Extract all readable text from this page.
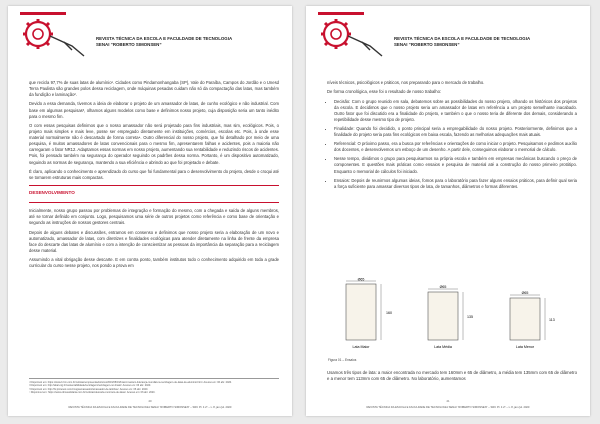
REVISTA TÉCNICA DA ESCOLA E FACULDADE DE TECNOLOGIA
SENAI “ROBERTO SIMONSEN”

que recicla 97,7% de suas latas de alumínio¹. Cidades como Pindamonhangaba (SP), Vale do Paraíba, Campos do Jordão e o Unesd Terra Paulista são grandes polos dessa reciclagem, onde máquinas pesadas cuidam não só da compactação das latas, mas também da fundição e laminação².

Devido a essa demanda, tivemos a ideia de elaborar o projeto de um amassador de latas, de cunho ecológico e não industrial. Com base em algumas pesquisas³, olhamos alguns modelos como base e definimos nosso projeto, cuja disposição seria um tanto inédito para o mesmo fim.

O com essas pesquisas definimos que o nosso amassador não será projetado para fins industriais, mas sim, ecológicos. Pois, o projeto mais simples e mais leve, posse ser empregado diretamente em instituições, comércios, escolas etc. Pois, à onde esse material normalmente não é descartado de forma correta⁴. Outro diferencial do nosso projeto, que foi detalhado por meio de uma pesquisa, é muitos amassadores de latas convencionais para o mesmo fim, apresentarem falhas e acidentes, pois a maioria não carregaram o fator NR12. Adaptamos essas normas em nosso projeto, aumentando sua rentabilidade e reduzindo riscos de acidentes. Pois, foi pensado também na segurança do operador seguindo os padrões dessa norma. Portanto, é um dispositivo automatizado, seguindo as normas de segurança, mantendo a sua eficiência e abrindo ao que foi projetado e debate.

É claro, aplicando o conhecimento e aprendizado do curso que foi fundamental para o desenvolvimento do projeto, desde o croqui até se tornarem estruturas mais compactas.

DESENVOLVIMENTO

Inicialmente, nosso grupo passou por problemas de integração e formação do mesmo, com a chegada e saída de alguns membros, até se tornar definido em conjunto. Logo, pesquisamos uma série de outros projetos como referência e como base de orientação e segundo as instruções de nossos gestores centrais.

Depois de alguns debates e discussões, entramos em consenso e definimos que nosso projeto seria a elaboração de um novo e automatizado, amassador de latas, com diretrizes e finalidades ecológicas para atender diretamente na linha de frente da empresa face do descarte das latas de alumínio e com a intenção de conscientizar as pessoas da importância da separação para a reciclagem desse material.

Assumindo a vital obrigação desse descarte. E em contra ponto, também institutos todo o conhecimento adquirido em toda a grade curricular do curso nesse projeto, nos pondo a prova em

¹ Disponível em: https://www.b.hm.com.br/noticias/empreendedorismo/2019/08/19/brasil-mantem-liderança-mundial-na-reciclagem-de-latas-de-aluminio.html. Acesso em: 06 abr. 2020.
² Disponível em: http://abal.org.br/sustentabilidade/reciclagem/reciclagem-no-brasil/. Acesso em: 06 abr. 2020.
³ Disponível em: http://br.pinterest.com/cnogoamassador/amassador-de-latinhas/. Acesso em: 06 abr. 2020.
⁴ Disponível em: https://www.otimasolidaria.com.br/noticias/descarte-incorreto-de-latas/. Acesso em: 06 abr. 2020.
20
REVISTA TÉCNICA DA ESCOLA E FACULDADE DE TECNOLOGIA SENAI “ROBERTO SIMONSEN” – SRC Pl. 4 2º – v. 8, jan./jul. 2020
REVISTA TÉCNICA DA ESCOLA E FACULDADE DE TECNOLOGIA
SENAI “ROBERTO SIMONSEN”

níveis técnicos, psicológicos e práticos, nos preparando para o mercado de trabalho.

De forma cronológica, esse foi o resultado de nosso trabalho:

• Decisão: Com o grupo reunido em sala, debatemos sobre as possibilidades do nosso projeto, olhando os históricos dos projetos da escola. E decidimos que o nosso projeto seria um amassador de latas em referência a um projeto semelhante inacabado. Outro fator que foi discutido era a finalidade do projeto, e também o que o nosso teria de diferente dos demais, considerando a repetibilidade desse mesmo tipo de projeto.
• Finalidade: Quando foi decidido, o ponto principal seria a empregabilidade do nosso projeto. Posteriormente, definimos que a finalidade do projeto seria para fins ecológicos em baixa escala, fazendo as melhorias adequações mais atuais.
• Referencial: O próximo passo, era a busca por referências e orientações de como iniciar o projeto. Pesquisamos e pedimos auxílio dos docentes, e desenvolvemos um esboço de um desenho. A partir dele, conseguimos elaborar o memorial de cálculo.
• Nesse tempo, dividimos o grupo para pesquisarmos na própria escola e também em empresas mecânicas buscando o preço de componentes. E questões mais práticas como ensaios e pesquisa de material até a construção do nosso primeiro protótipo. Enquanto o memorial de cálculos foi iniciado.
• Ensaios: Depois de reunirmos algumas ideias, fomos para o laboratório para fazer alguns ensaios práticos, para definir qual seria a força suficiente para amassar diversos tipos de lata, de tamanhos, diâmetros e formas diferentes.
Ø65
160
Lata Maior
Ø65
135
Lata Média
Ø65
113
Lata Menor
Figura 01 – Ensaios

Usamos três tipos de lata: a maior encontrada no mercado tem 160mm e 65 de diâmetro, a média tem 135mm com 65 de diâmetro e a menor tem 113mm com 65 de diâmetro. No laboratório, aumentamos

21
REVISTA TÉCNICA DA ESCOLA E FACULDADE DE TECNOLOGIA SENAI “ROBERTO SIMONSEN” – SRC Pl. 4 2º – v. 8, jan./jul. 2020
